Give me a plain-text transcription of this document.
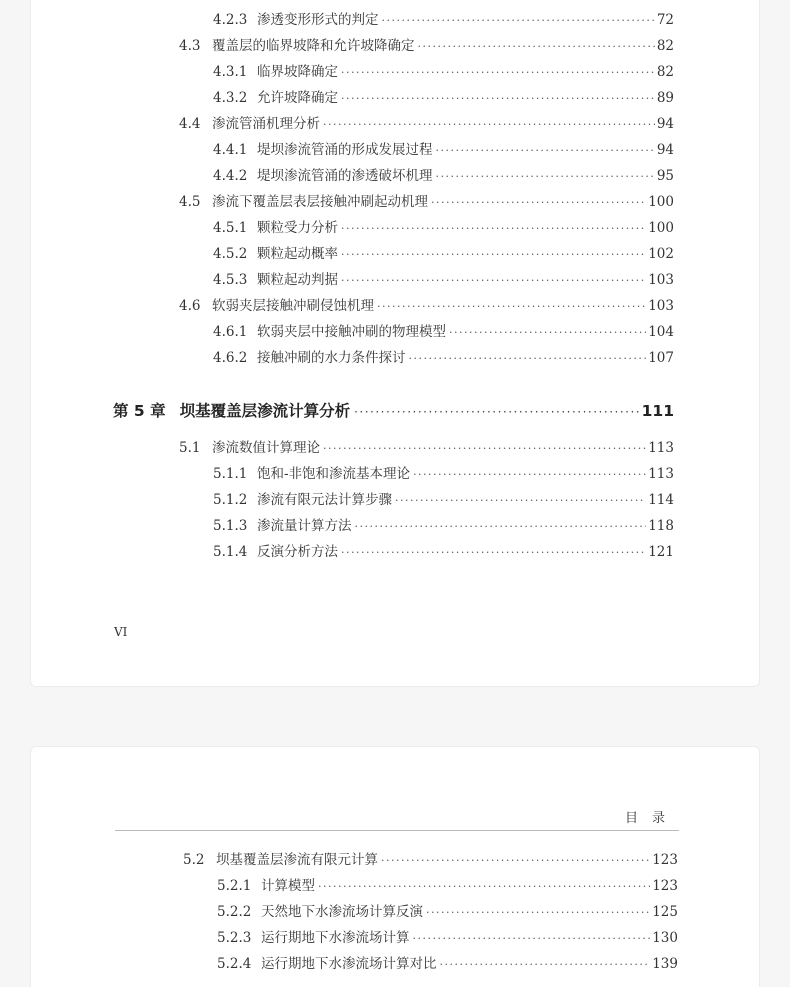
4.2.3 渗透变形形式的判定 ·····	72
4.3 覆盖层的临界坡降和允许坡降确定 ·····	82
4.3.1 临界坡降确定 ·····	82
4.3.2 允许坡降确定 ·····	89
4.4 渗流管涌机理分析 ·····	94
4.4.1 堤坝渗流管涌的形成发展过程 ·····	94
4.4.2 堤坝渗流管涌的渗透破坏机理 ·····	95
4.5 渗流下覆盖层表层接触冲刷起动机理 ·····	100
4.5.1 颗粒受力分析 ·····	100
4.5.2 颗粒起动概率 ·····	102
4.5.3 颗粒起动判据 ·····	103
4.6 软弱夹层接触冲刷侵蚀机理 ·····	103
4.6.1 软弱夹层中接触冲刷的物理模型 ·····	104
4.6.2 接触冲刷的水力条件探讨 ·····	107
第 5 章 坝基覆盖层渗流计算分析 ·····	111
5.1 渗流数值计算理论 ·····	113
5.1.1 饱和-非饱和渗流基本理论 ·····	113
5.1.2 渗流有限元法计算步骤 ·····	114
5.1.3 渗流量计算方法 ·····	118
5.1.4 反演分析方法 ·····	121
VI
目录
5.2 坝基覆盖层渗流有限元计算 ·····	123
5.2.1 计算模型 ·····	123
5.2.2 天然地下水渗流场计算反演 ·····	125
5.2.3 运行期地下水渗流场计算 ·····	130
5.2.4 运行期地下水渗流场计算对比 ·····	139
